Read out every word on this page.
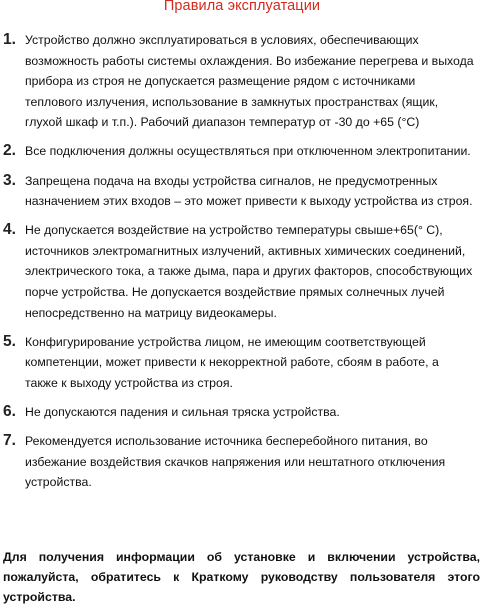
Правила эксплуатации
1. Устройство должно эксплуатироваться в условиях, обеспечивающих возможность работы системы охлаждения. Во избежание перегрева и выхода прибора из строя не допускается размещение рядом с источниками теплового излучения, использование в замкнутых пространствах (ящик, глухой шкаф и т.п.). Рабочий диапазон температур от -30 до +65 (°С)
2. Все подключения должны осуществляться при отключенном электропитании.
3. Запрещена подача на входы устройства сигналов, не предусмотренных назначением этих входов – это может привести к выходу устройства из строя.
4. Не допускается воздействие на устройство температуры свыше+65(° С), источников электромагнитных излучений, активных химических соединений, электрического тока, а также дыма, пара и других факторов, способствующих порче устройства. Не допускается воздействие прямых солнечных лучей непосредственно на матрицу видеокамеры.
5. Конфигурирование устройства лицом, не имеющим соответствующей компетенции, может привести к некорректной работе, сбоям в работе, а также к выходу устройства из строя.
6. Не допускаются падения и сильная тряска устройства.
7. Рекомендуется использование источника бесперебойного питания, во избежание воздействия скачков напряжения или нештатного отключения устройства.
Для получения информации об установке и включении устройства, пожалуйста, обратитесь к Краткому руководству пользователя этого устройства.
